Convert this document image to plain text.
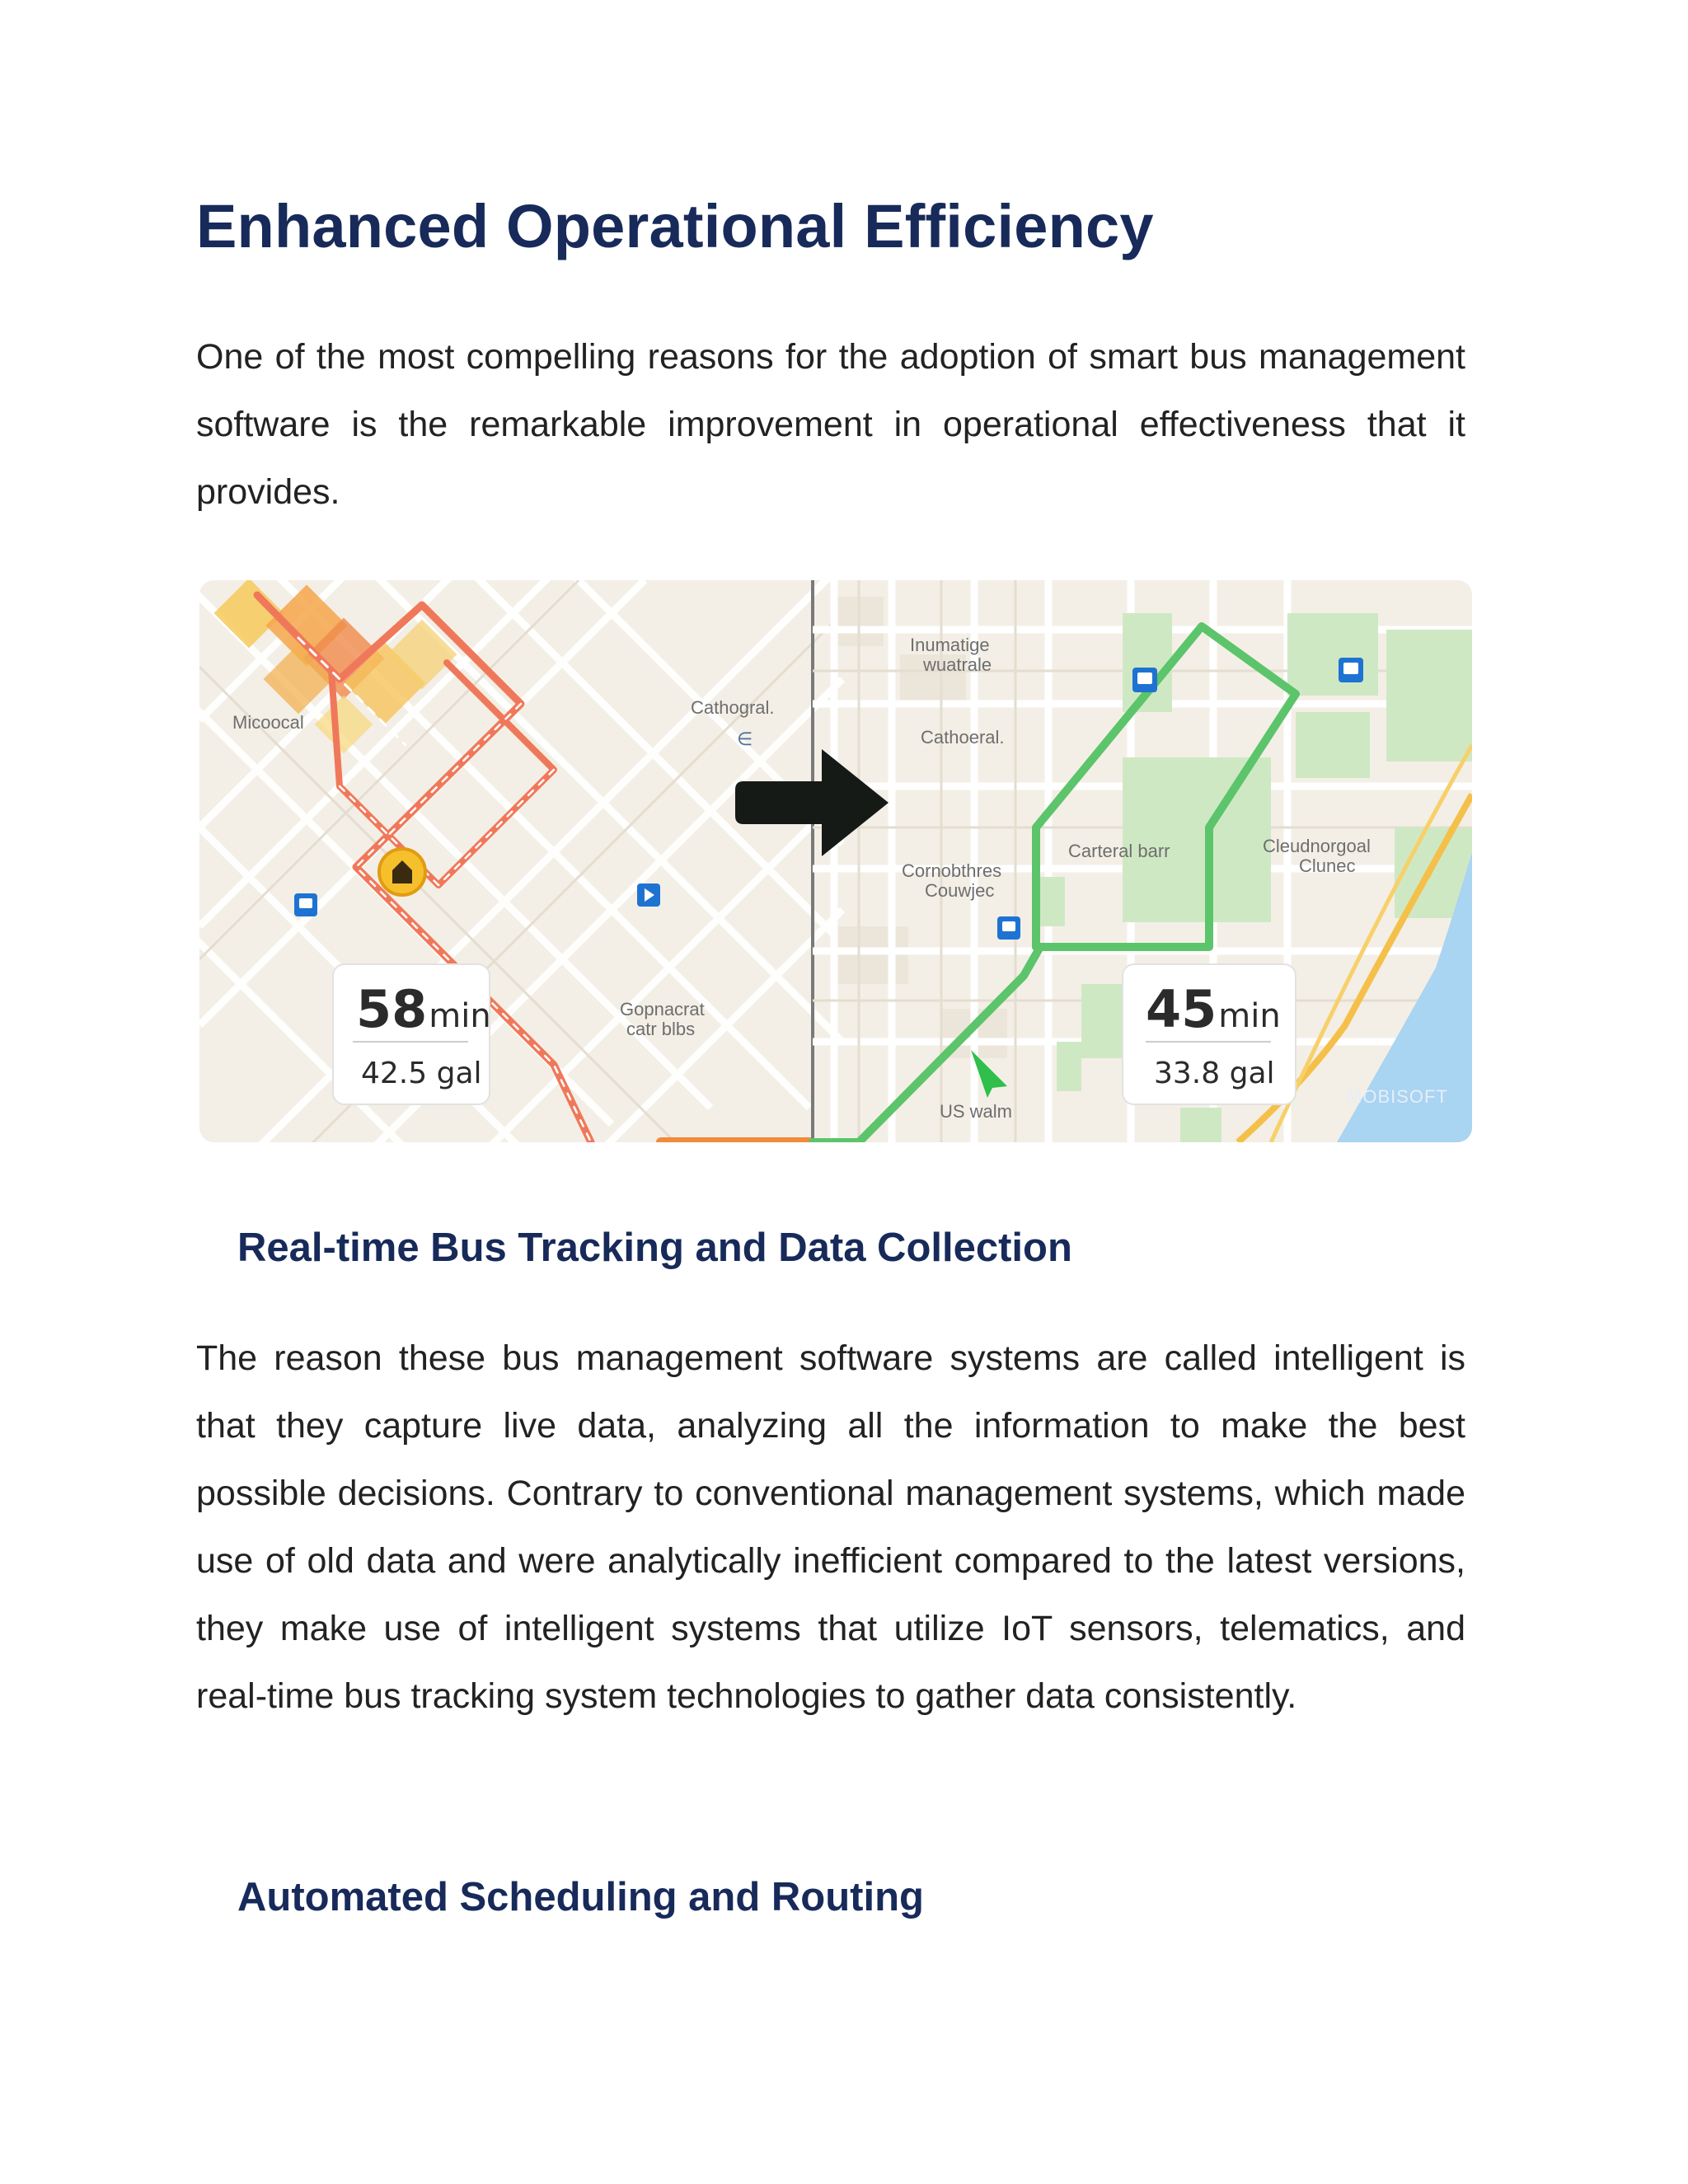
Enhanced Operational Efficiency

One of the most compelling reasons for the adoption of smart bus management software is the remarkable improvement in operational effectiveness that it provides.

Micoocal
Cathogral.
Gopnacrat
catr blbs
∈
Inumatige
wuatrale
Cathoeral.
Cornobthres
Couwjec
Carteral barr	Cleudnorgoal
Clunec
US walm
58min
42.5 gal
45min
33.8 gal
MOBISOFT
Real-time Bus Tracking and Data Collection

The reason these bus management software systems are called intelligent is that they capture live data, analyzing all the information to make the best possible decisions. Contrary to conventional management systems, which made use of old data and were analytically inefficient compared to the latest versions, they make use of intelligent systems that utilize IoT sensors, telematics, and real-time bus tracking system technologies to gather data consistently.

Automated Scheduling and Routing
